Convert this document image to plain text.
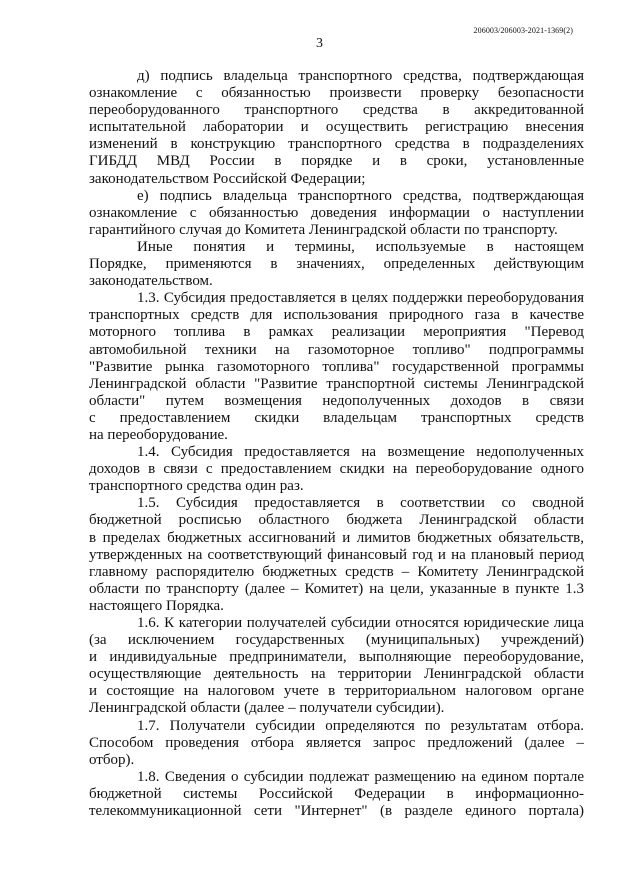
206003/206003-2021-1369(2)
3
д) подпись владельца транспортного средства, подтверждающая
ознакомление с обязанностью произвести проверку безопасности
переоборудованного транспортного средства в аккредитованной
испытательной лаборатории и осуществить регистрацию внесения
изменений в конструкцию транспортного средства в подразделениях
ГИБДД МВД России в порядке и в сроки, установленные
законодательством Российской Федерации;
е) подпись владельца транспортного средства, подтверждающая
ознакомление с обязанностью доведения информации о наступлении
гарантийного случая до Комитета Ленинградской области по транспорту.
Иные понятия и термины, используемые в настоящем
Порядке, применяются в значениях, определенных действующим
законодательством.
1.3. Субсидия предоставляется в целях поддержки переоборудования
транспортных средств для использования природного газа в качестве
моторного топлива в рамках реализации мероприятия "Перевод
автомобильной техники на газомоторное топливо" подпрограммы
"Развитие рынка газомоторного топлива" государственной программы
Ленинградской области "Развитие транспортной системы Ленинградской
области" путем возмещения недополученных доходов в связи
с предоставлением скидки владельцам транспортных средств
на переоборудование.
1.4. Субсидия предоставляется на возмещение недополученных
доходов в связи с предоставлением скидки на переоборудование одного
транспортного средства один раз.
1.5. Субсидия предоставляется в соответствии со сводной
бюджетной росписью областного бюджета Ленинградской области
в пределах бюджетных ассигнований и лимитов бюджетных обязательств,
утвержденных на соответствующий финансовый год и на плановый период
главному распорядителю бюджетных средств – Комитету Ленинградской
области по транспорту (далее – Комитет) на цели, указанные в пункте 1.3
настоящего Порядка.
1.6. К категории получателей субсидии относятся юридические лица
(за исключением государственных (муниципальных) учреждений)
и индивидуальные предприниматели, выполняющие переоборудование,
осуществляющие деятельность на территории Ленинградской области
и состоящие на налоговом учете в территориальном налоговом органе
Ленинградской области (далее – получатели субсидии).
1.7. Получатели субсидии определяются по результатам отбора.
Способом проведения отбора является запрос предложений (далее –
отбор).
1.8. Сведения о субсидии подлежат размещению на едином портале
бюджетной системы Российской Федерации в информационно-
телекоммуникационной сети "Интернет" (в разделе единого портала)
